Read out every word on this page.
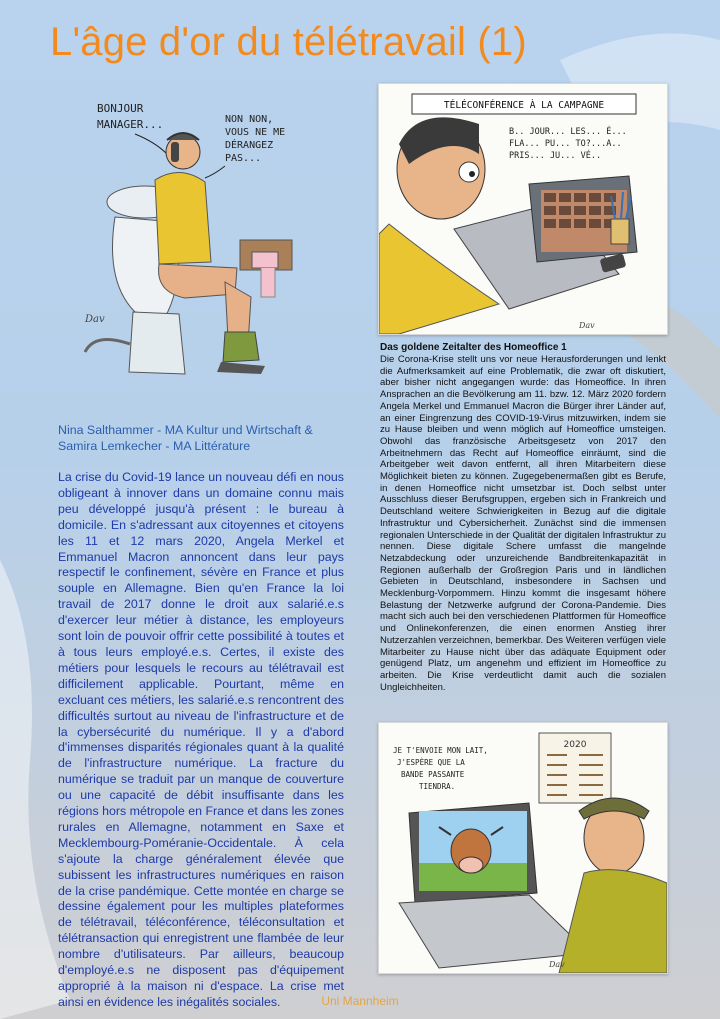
L'âge d'or du télétravail (1)
BONJOUR
MANAGER...	NON NON,
VOUS NE ME
DÉRANGEZ
PAS...
Dav
TÉLÉCONFÉRENCE À LA CAMPAGNE
B.. JOUR... LES... É...
FLA... PU... TO?...A..
PRIS... JU... VÉ..
Dav
Nina Salthammer - MA Kultur und Wirtschaft & Samira Lemkecher - MA Littérature
La crise du Covid-19 lance un nouveau défi en nous obligeant à innover dans un domaine connu mais peu développé jusqu'à présent : le bureau à domicile. En s'adressant aux citoyennes et citoyens les 11 et 12 mars 2020, Angela Merkel et Emmanuel Macron annoncent dans leur pays respectif le confinement, sévère en France et plus souple en Allemagne. Bien qu'en France la loi travail de 2017 donne le droit aux salarié.e.s d'exercer leur métier à distance, les employeurs sont loin de pouvoir offrir cette possibilité à toutes et à tous leurs employé.e.s. Certes, il existe des métiers pour lesquels le recours au télétravail est difficilement applicable. Pourtant, même en excluant ces métiers, les salarié.e.s rencontrent des difficultés surtout au niveau de l'infrastructure et de la cybersécurité du numérique. Il y a d'abord d'immenses disparités régionales quant à la qualité de l'infrastructure numérique. La fracture du numérique se traduit par un manque de couverture ou une capacité de débit insuffisante dans les régions hors métropole en France et dans les zones rurales en Allemagne, notamment en Saxe et Mecklembourg-Poméranie-Occidentale. À cela s'ajoute la charge généralement élevée que subissent les infrastructures numériques en raison de la crise pandémique. Cette montée en charge se dessine également pour les multiples plateformes de télétravail, téléconférence, téléconsultation et télétransaction qui enregistrent une flambée de leur nombre d'utilisateurs. Par ailleurs, beaucoup d'employé.e.s ne disposent pas d'équipement approprié à la maison ni d'espace. La crise met ainsi en évidence les inégalités sociales.
Das goldene Zeitalter des Homeoffice 1
Die Corona-Krise stellt uns vor neue Herausforderungen und lenkt die Aufmerksamkeit auf eine Problematik, die zwar oft diskutiert, aber bisher nicht angegangen wurde: das Homeoffice. In ihren Ansprachen an die Bevölkerung am 11. bzw. 12. März 2020 fordern Angela Merkel und Emmanuel Macron die Bürger ihrer Länder auf, an einer Eingrenzung des COVID-19-Virus mitzuwirken, indem sie zu Hause bleiben und wenn möglich auf Homeoffice umsteigen. Obwohl das französische Arbeitsgesetz von 2017 den Arbeitnehmern das Recht auf Homeoffice einräumt, sind die Arbeitgeber weit davon entfernt, all ihren Mitarbeitern diese Möglichkeit bieten zu können. Zugegebenermaßen gibt es Berufe, in denen Homeoffice nicht umsetzbar ist. Doch selbst unter Ausschluss dieser Berufsgruppen, ergeben sich in Frankreich und Deutschland weitere Schwierigkeiten in Bezug auf die digitale Infrastruktur und Cybersicherheit. Zunächst sind die immensen regionalen Unterschiede in der Qualität der digitalen Infrastruktur zu nennen. Diese digitale Schere umfasst die mangelnde Netzabdeckung oder unzureichende Bandbreitenkapazität in Regionen außerhalb der Großregion Paris und in ländlichen Gebieten in Deutschland, insbesondere in Sachsen und Mecklenburg-Vorpommern. Hinzu kommt die insgesamt höhere Belastung der Netzwerke aufgrund der Corona-Pandemie. Dies macht sich auch bei den verschiedenen Plattformen für Homeoffice und Onlinekonferenzen, die einen enormen Anstieg ihrer Nutzerzahlen verzeichnen, bemerkbar. Des Weiteren verfügen viele Mitarbeiter zu Hause nicht über das adäquate Equipment oder genügend Platz, um angenehm und effizient im Homeoffice zu arbeiten. Die Krise verdeutlicht damit auch die sozialen Ungleichheiten.
JE T'ENVOIE MON LAIT,
J'ESPÈRE QUE LA
BANDE PASSANTE
TIENDRA.
2020
Dav
Uni Mannheim
